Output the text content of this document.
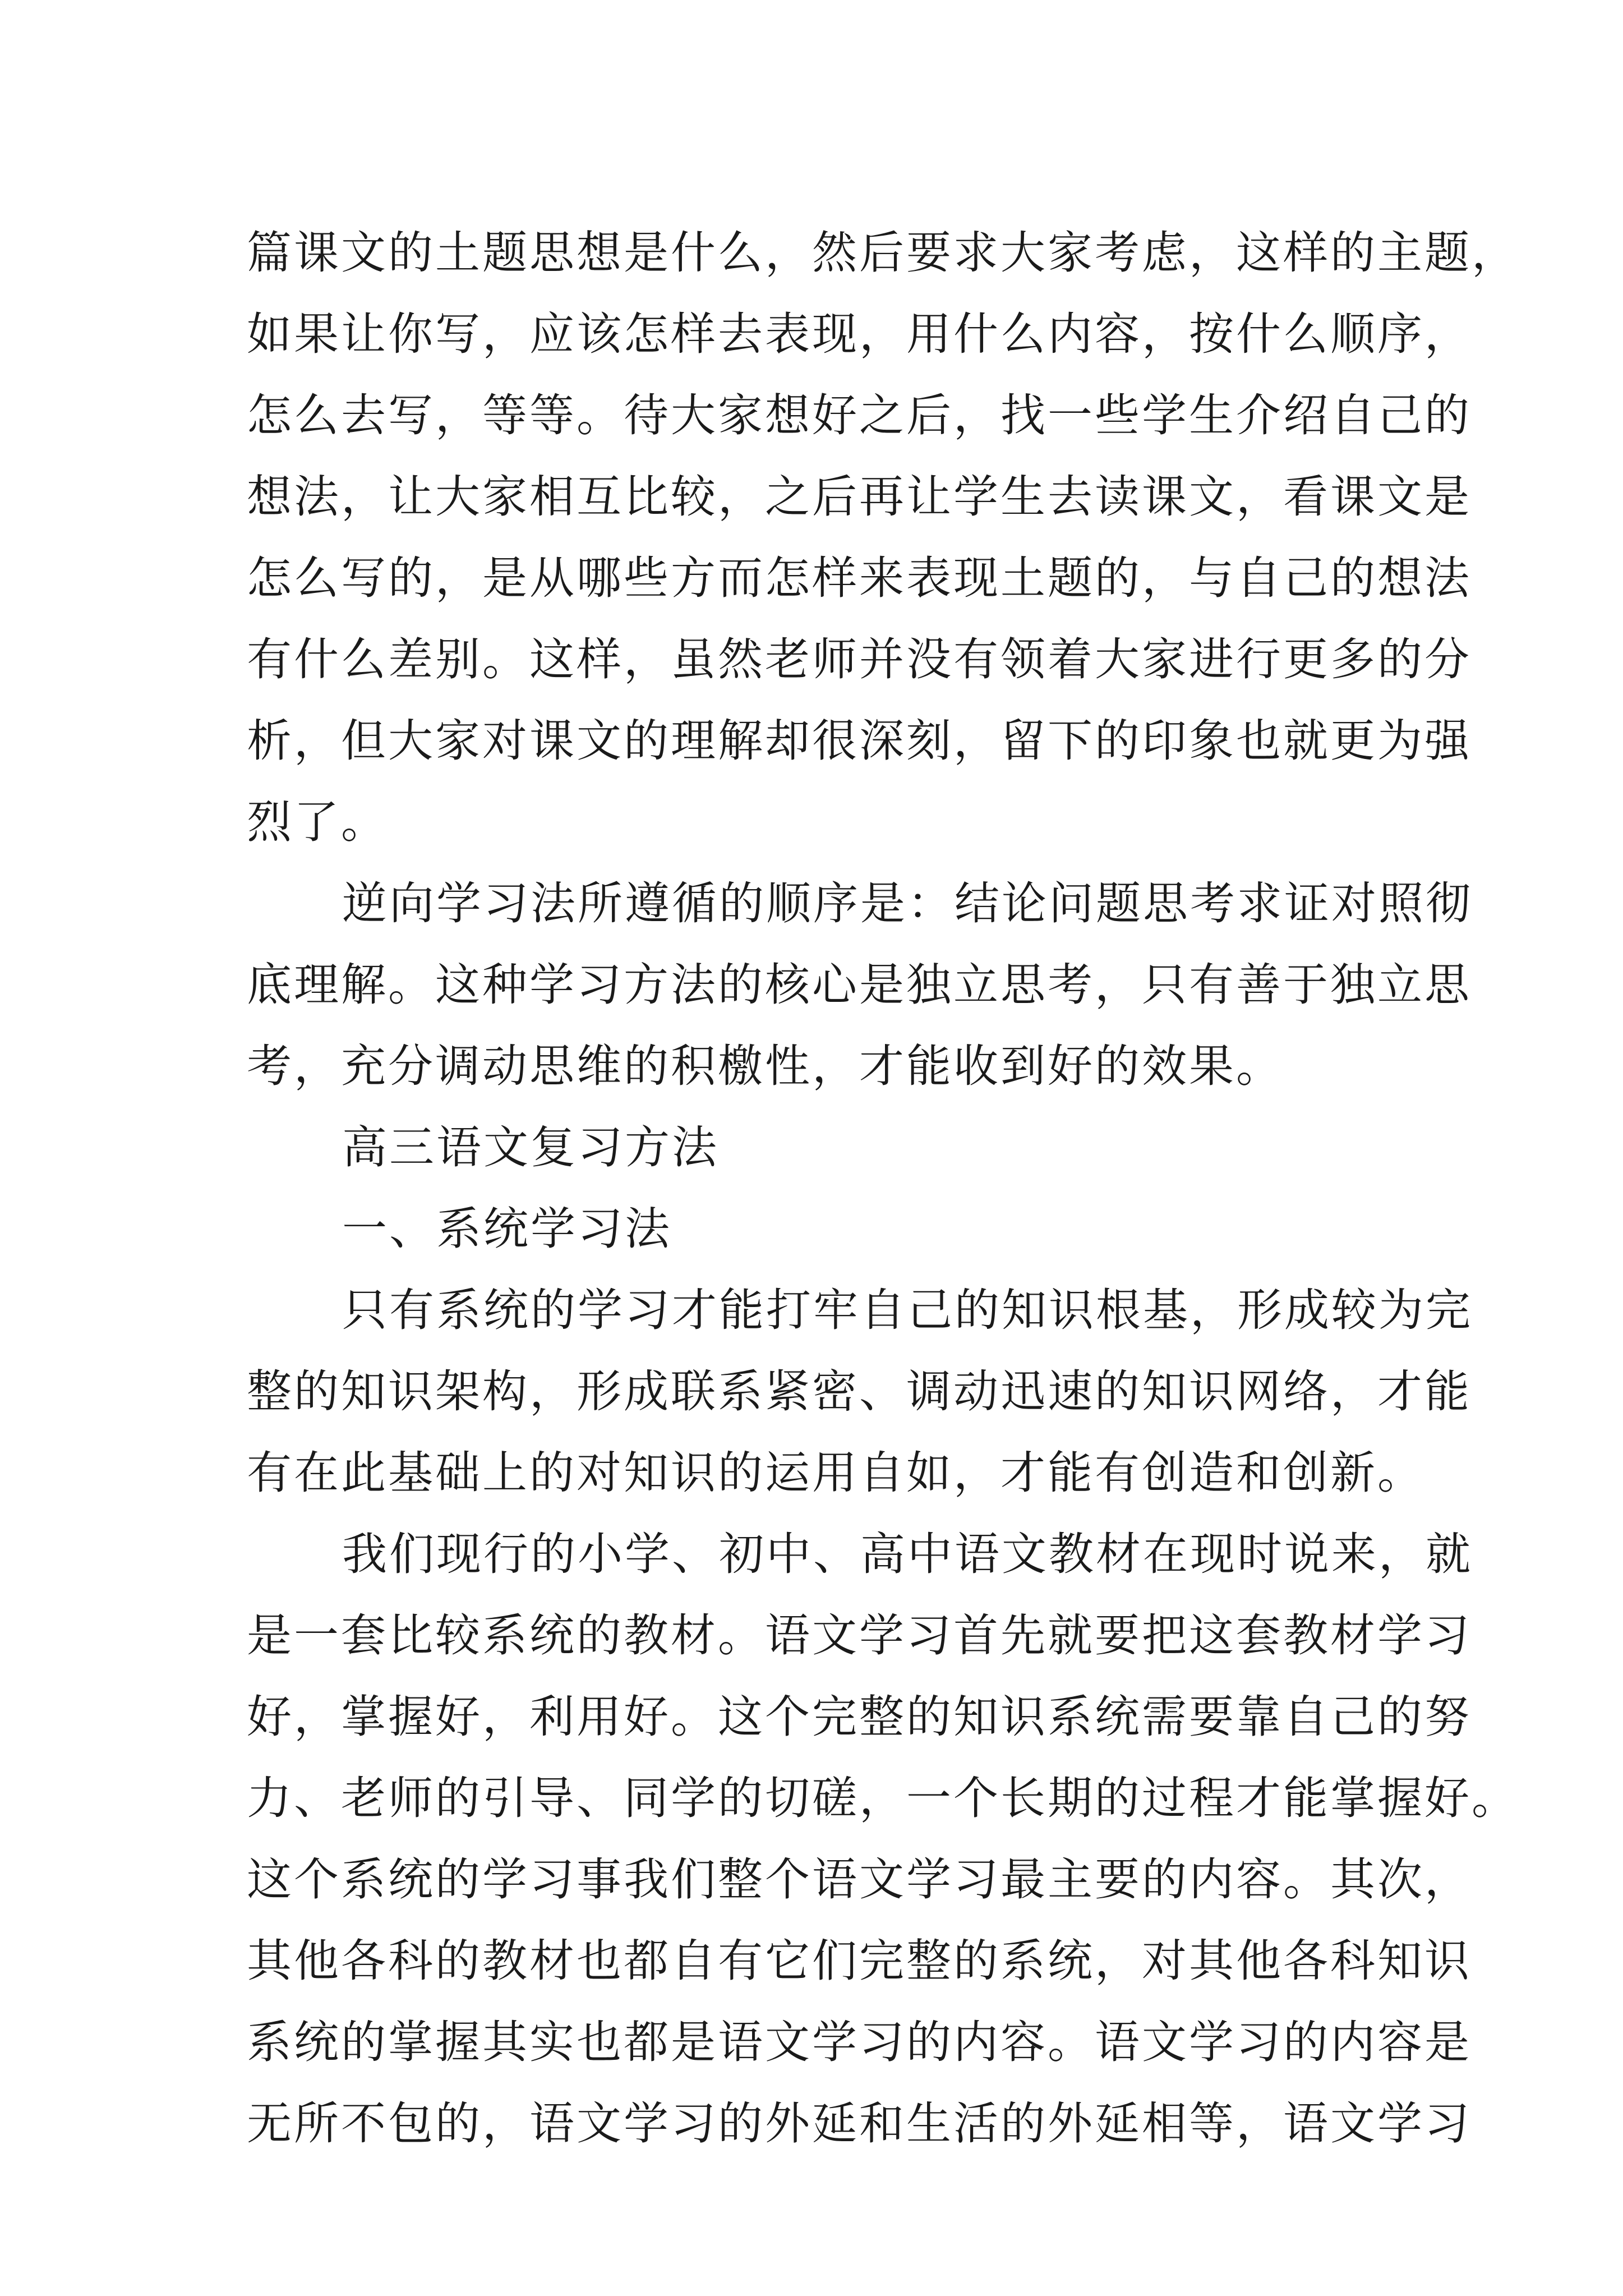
篇课文的土题思想是什么，然后要求大家考虑，这样的主题，
如果让你写，应该怎样去表现，用什么内容，按什么顺序，
怎么去写，等等。待大家想好之后，找一些学生介绍自己的
想法，让大家相互比较，之后再让学生去读课文，看课文是
怎么写的，是从哪些方而怎样来表现土题的，与自己的想法
有什么差别。这样，虽然老师并没有领着大家进行更多的分
析，但大家对课文的理解却很深刻，留下的印象也就更为强
烈了。
逆向学习法所遵循的顺序是：结论问题思考求证对照彻
底理解。这种学习方法的核心是独立思考，只有善于独立思
考，充分调动思维的积檄性，才能收到好的效果。
高三语文复习方法
一、系统学习法
只有系统的学习才能打牢自己的知识根基，形成较为完
整的知识架构，形成联系紧密、调动迅速的知识网络，才能
有在此基础上的对知识的运用自如，才能有创造和创新。
我们现行的小学、初中、高中语文教材在现时说来，就
是一套比较系统的教材。语文学习首先就要把这套教材学习
好，掌握好，利用好。这个完整的知识系统需要靠自己的努
力、老师的引导、同学的切磋，一个长期的过程才能掌握好。
这个系统的学习事我们整个语文学习最主要的内容。其次，
其他各科的教材也都自有它们完整的系统，对其他各科知识
系统的掌握其实也都是语文学习的内容。语文学习的内容是
无所不包的，语文学习的外延和生活的外延相等，语文学习
